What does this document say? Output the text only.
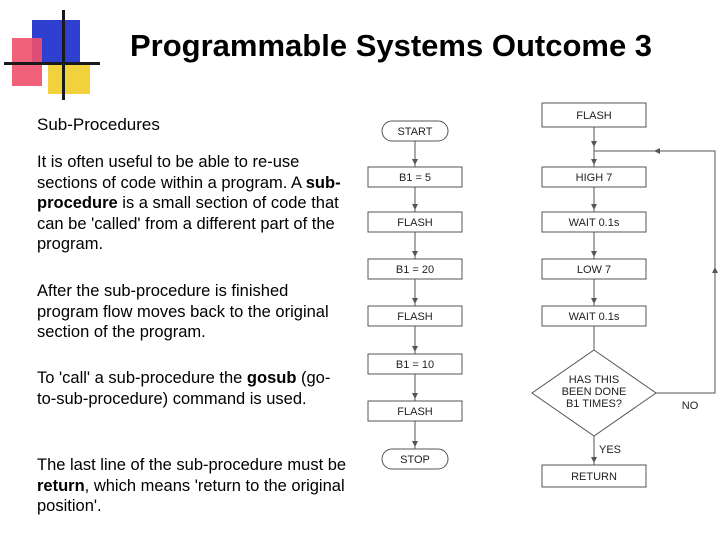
Programmable Systems Outcome 3
Sub-Procedures

It is often useful to be able to re-use sections of code within a program. A sub-procedure is a small section of code that can be 'called' from a different part of the program.

After the sub-procedure is finished program flow moves back to the original section of the program.

To 'call' a sub-procedure the gosub (go-to-sub-procedure) command is used.

The last line of the sub-procedure must be return, which means 'return to the original position'.

START
B1 = 5
FLASH
B1 = 20
FLASH
B1 = 10
FLASH
STOP
FLASH
HIGH 7
WAIT 0.1s
LOW 7
WAIT 0.1s
HAS THIS
BEEN DONE
B1 TIMES?
YES
NO
RETURN
